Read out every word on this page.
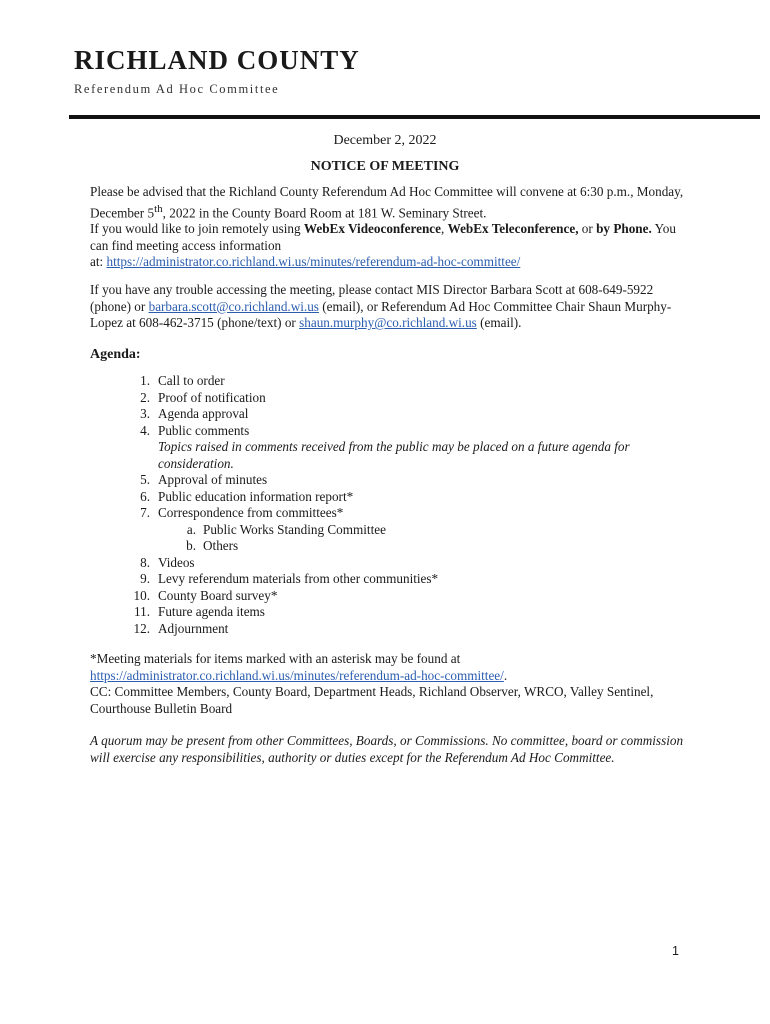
RICHLAND COUNTY
Referendum Ad Hoc Committee
December 2, 2022
NOTICE OF MEETING
Please be advised that the Richland County Referendum Ad Hoc Committee will convene at 6:30 p.m., Monday, December 5th, 2022 in the County Board Room at 181 W. Seminary Street.
If you would like to join remotely using WebEx Videoconference, WebEx Teleconference, or by Phone. You can find meeting access information
at: https://administrator.co.richland.wi.us/minutes/referendum-ad-hoc-committee/
If you have any trouble accessing the meeting, please contact MIS Director Barbara Scott at 608-649-5922 (phone) or barbara.scott@co.richland.wi.us (email), or Referendum Ad Hoc Committee Chair Shaun Murphy-Lopez at 608-462-3715 (phone/text) or shaun.murphy@co.richland.wi.us (email).
Agenda:
1. Call to order
2. Proof of notification
3. Agenda approval
4. Public comments
Topics raised in comments received from the public may be placed on a future agenda for consideration.
5. Approval of minutes
6. Public education information report*
7. Correspondence from committees*
a. Public Works Standing Committee
b. Others
8. Videos
9. Levy referendum materials from other communities*
10. County Board survey*
11. Future agenda items
12. Adjournment
*Meeting materials for items marked with an asterisk may be found at
https://administrator.co.richland.wi.us/minutes/referendum-ad-hoc-committee/.
CC: Committee Members, County Board, Department Heads, Richland Observer, WRCO, Valley Sentinel, Courthouse Bulletin Board
A quorum may be present from other Committees, Boards, or Commissions. No committee, board or commission will exercise any responsibilities, authority or duties except for the Referendum Ad Hoc Committee.
1
